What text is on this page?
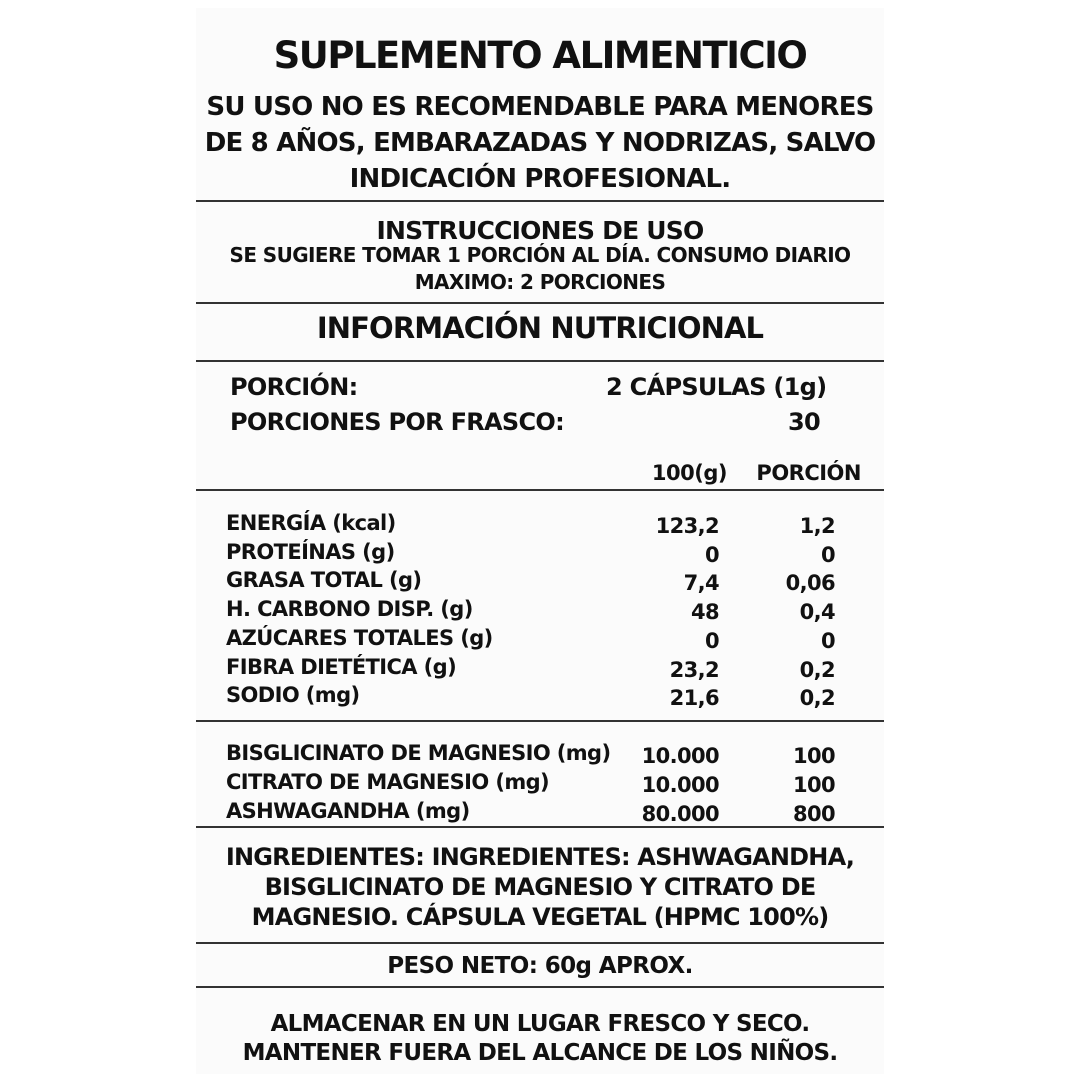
SUPLEMENTO ALIMENTICIO
SU USO NO ES RECOMENDABLE PARA MENORES
DE 8 AÑOS, EMBARAZADAS Y NODRIZAS, SALVO
INDICACIÓN PROFESIONAL.
INSTRUCCIONES DE USO
SE SUGIERE TOMAR 1 PORCIÓN AL DÍA. CONSUMO DIARIO
MAXIMO: 2 PORCIONES
INFORMACIÓN NUTRICIONAL
PORCIÓN:	2 CÁPSULAS (1g)
PORCIONES POR FRASCO:	30
100(g)	PORCIÓN
ENERGÍA (kcal)	123,2	1,2
PROTEÍNAS (g)	0	0
GRASA TOTAL (g)	7,4	0,06
H. CARBONO DISP. (g)	48	0,4
AZÚCARES TOTALES (g)	0	0
FIBRA DIETÉTICA (g)	23,2	0,2
SODIO (mg)	21,6	0,2
BISGLICINATO DE MAGNESIO (mg)	10.000	100
CITRATO DE MAGNESIO (mg)	10.000	100
ASHWAGANDHA (mg)	80.000	800
INGREDIENTES: INGREDIENTES: ASHWAGANDHA,
BISGLICINATO DE MAGNESIO Y CITRATO DE
MAGNESIO. CÁPSULA VEGETAL (HPMC 100%)
PESO NETO: 60g APROX.
ALMACENAR EN UN LUGAR FRESCO Y SECO.
MANTENER FUERA DEL ALCANCE DE LOS NIÑOS.
